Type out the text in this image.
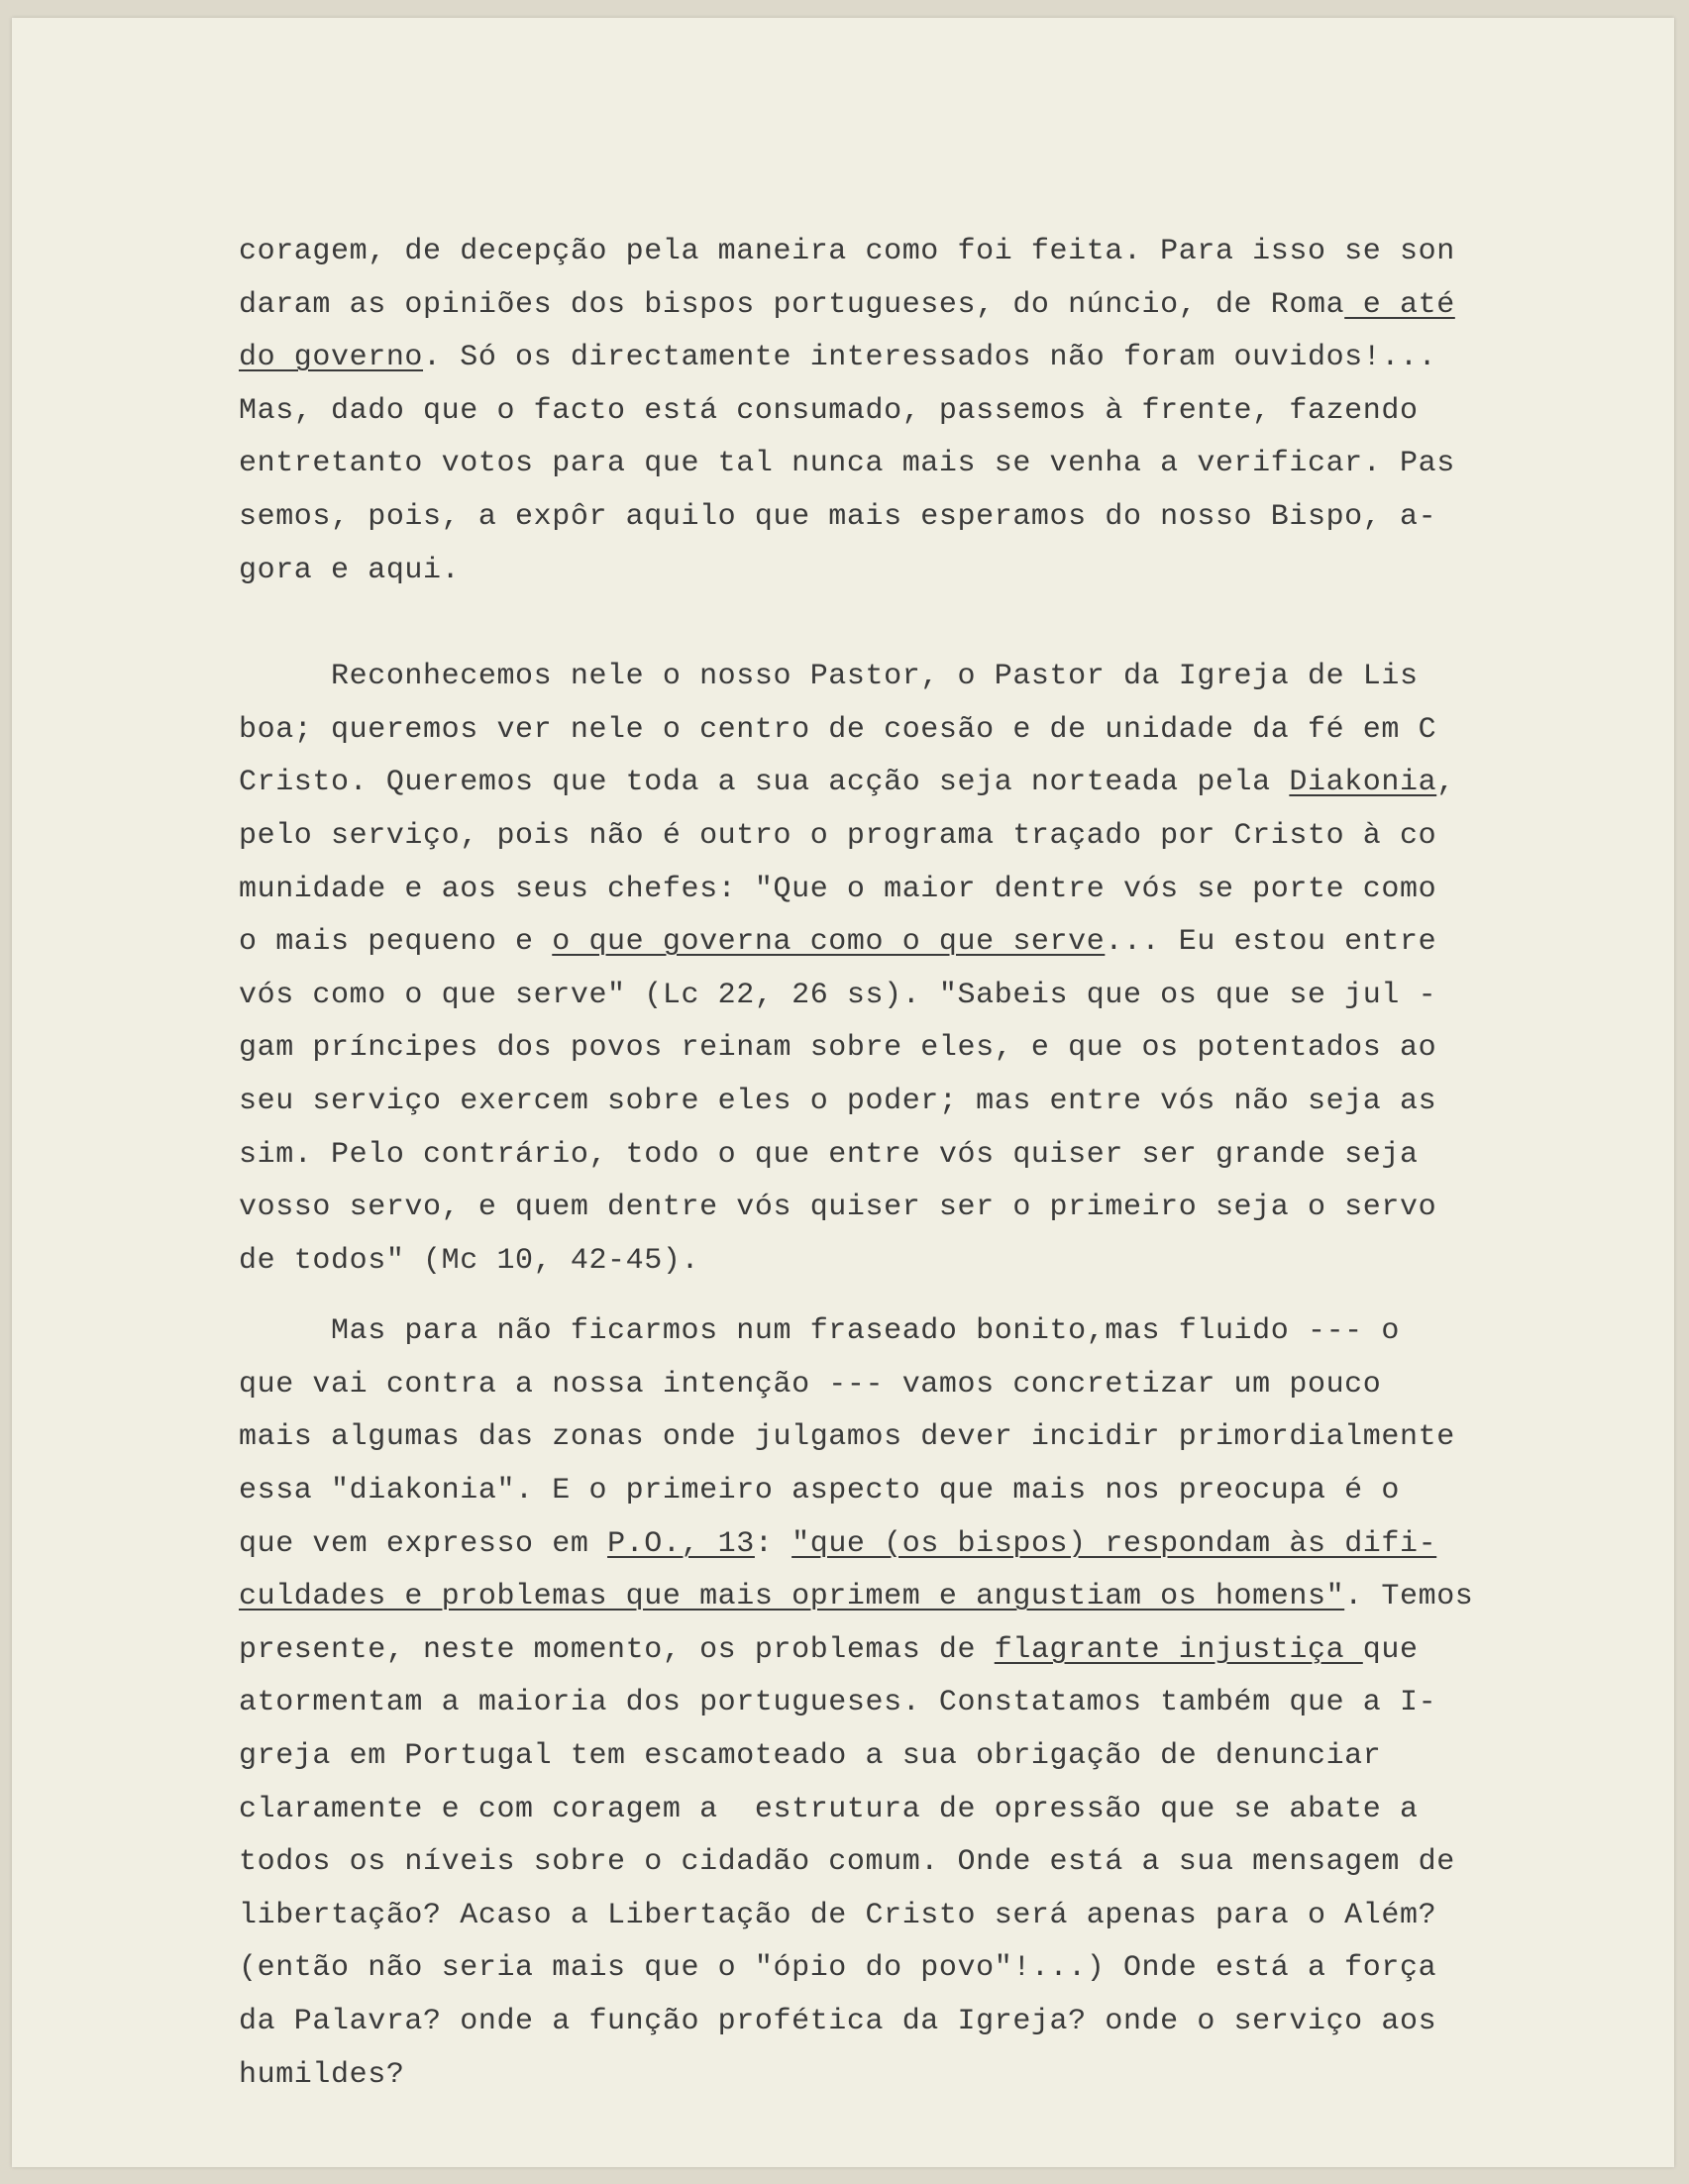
coragem, de decepção pela maneira como foi feita. Para isso se son
daram as opiniões dos bispos portugueses, do núncio, de Roma e até
do governo. Só os directamente interessados não foram ouvidos!...
Mas, dado que o facto está consumado, passemos à frente, fazendo
entretanto votos para que tal nunca mais se venha a verificar. Pas
semos, pois, a expôr aquilo que mais esperamos do nosso Bispo, a-
gora e aqui.
Reconhecemos nele o nosso Pastor, o Pastor da Igreja de Lis
boa; queremos ver nele o centro de coesão e de unidade da fé em C
Cristo. Queremos que toda a sua acção seja norteada pela Diakonia,
pelo serviço, pois não é outro o programa traçado por Cristo à co
munidade e aos seus chefes: "Que o maior dentre vós se porte como
o mais pequeno e o que governa como o que serve... Eu estou entre
vós como o que serve" (Lc 22, 26 ss). "Sabeis que os que se jul -
gam príncipes dos povos reinam sobre eles, e que os potentados ao
seu serviço exercem sobre eles o poder; mas entre vós não seja as
sim. Pelo contrário, todo o que entre vós quiser ser grande seja
vosso servo, e quem dentre vós quiser ser o primeiro seja o servo
de todos" (Mc 10, 42-45).
Mas para não ficarmos num fraseado bonito,mas fluido --- o
que vai contra a nossa intenção --- vamos concretizar um pouco
mais algumas das zonas onde julgamos dever incidir primordialmente
essa "diakonia". E o primeiro aspecto que mais nos preocupa é o
que vem expresso em P.O., 13: "que (os bispos) respondam às difi-
culdades e problemas que mais oprimem e angustiam os homens". Temos
presente, neste momento, os problemas de flagrante injustiça que
atormentam a maioria dos portugueses. Constatamos também que a I-
greja em Portugal tem escamoteado a sua obrigação de denunciar
claramente e com coragem a  estrutura de opressão que se abate a
todos os níveis sobre o cidadão comum. Onde está a sua mensagem de
libertação? Acaso a Libertação de Cristo será apenas para o Além?
(então não seria mais que o "ópio do povo"!...) Onde está a força
da Palavra? onde a função profética da Igreja? onde o serviço aos
humildes?
